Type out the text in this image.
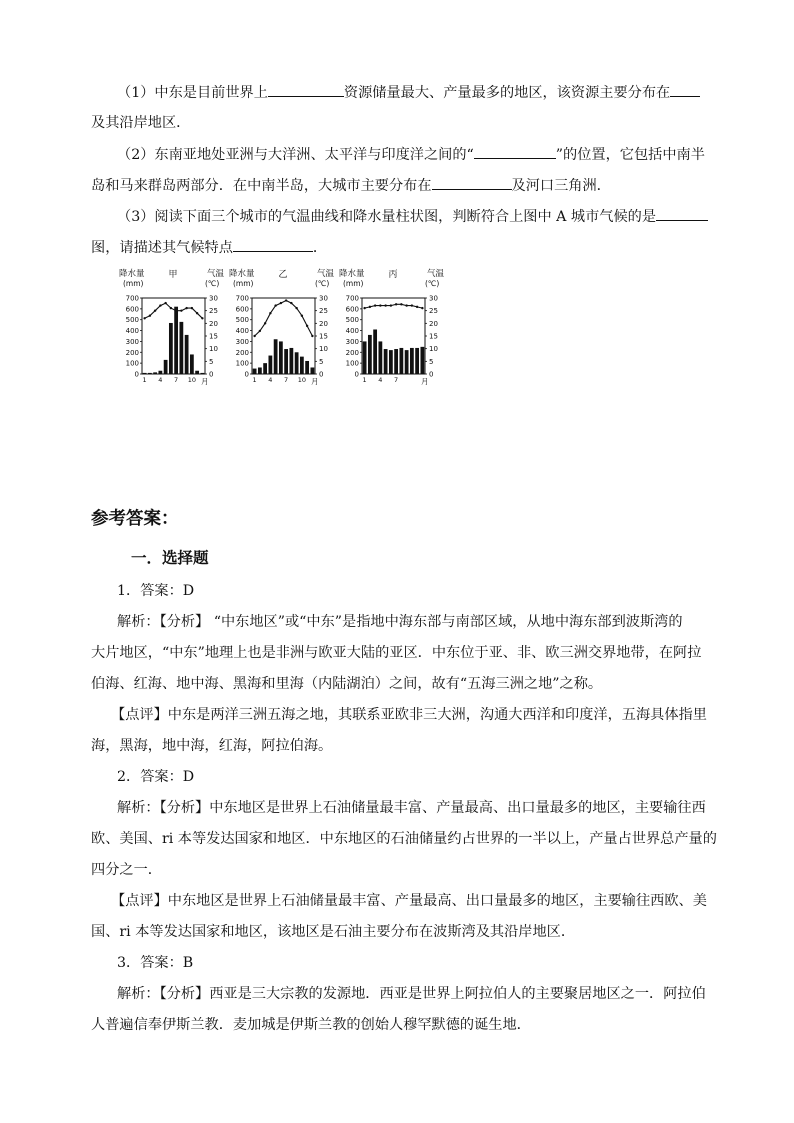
（1）中东是目前世界上	资源储量最大、产量最多的地区，该资源主要分布在
及其沿岸地区．
（2）东南亚地处亚洲与大洋洲、太平洋与印度洋之间的“	”的位置，它包括中南半
岛和马来群岛两部分．在中南半岛，大城市主要分布在	及河口三角洲．
（3）阅读下面三个城市的气温曲线和降水量柱状图，判断符合上图中 A 城市气候的是
图，请描述其气候特点	．
降水量
(mm)
甲	气温
(℃)
0
100
200
300
400
500
600
700
0
5
10
15
20
25
30
1 4 7 10 月
降水量
(mm)
乙	气温
(℃)
0
100
200
300
400
500
600
700
0
5
10
15
20
25
30
1 4 7 10 月
降水量
(mm)
丙	气温
(℃)
0
100
200
300
400
500
600
700
0
5
10
15
20
25
30
1 4 7	月
参考答案：
一．选择题
1．答案：D
解析：【分析】 “中东地区”或“中东”是指地中海东部与南部区域，从地中海东部到波斯湾的
大片地区，“中东”地理上也是非洲与欧亚大陆的亚区．中东位于亚、非、欧三洲交界地带，在阿拉
伯海、红海、地中海、黑海和里海（内陆湖泊）之间，故有“五海三洲之地”之称。
【点评】中东是两洋三洲五海之地，其联系亚欧非三大洲，沟通大西洋和印度洋，五海具体指里
海，黑海，地中海，红海，阿拉伯海。
2．答案：D
解析：【分析】中东地区是世界上石油储量最丰富、产量最高、出口量最多的地区，主要输往西
欧、美国、ri 本等发达国家和地区．中东地区的石油储量约占世界的一半以上，产量占世界总产量的
四分之一．
【点评】中东地区是世界上石油储量最丰富、产量最高、出口量最多的地区，主要输往西欧、美
国、ri 本等发达国家和地区，该地区是石油主要分布在波斯湾及其沿岸地区．
3．答案：B
解析：【分析】西亚是三大宗教的发源地．西亚是世界上阿拉伯人的主要聚居地区之一．阿拉伯
人普遍信奉伊斯兰教．麦加城是伊斯兰教的创始人穆罕默德的诞生地．
